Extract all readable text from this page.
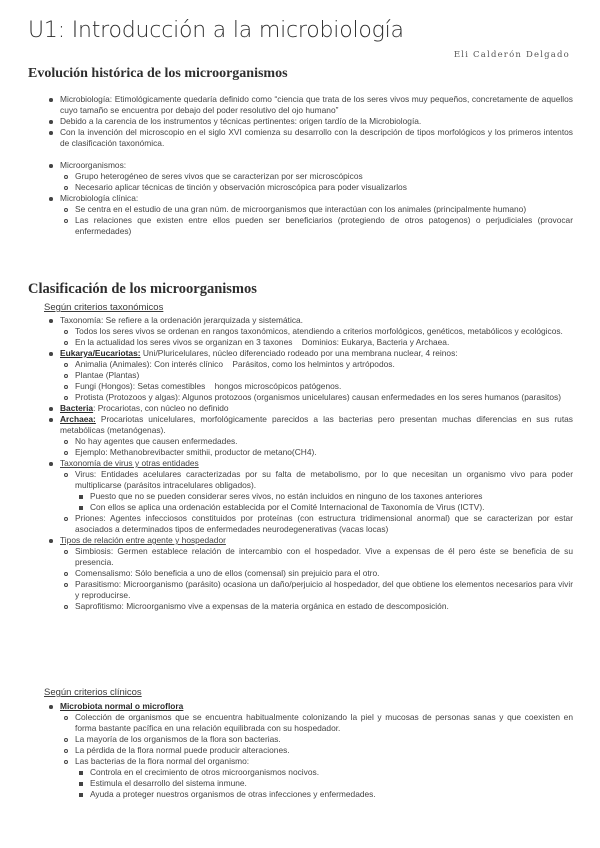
U1: Introducción a la microbiología

Eli Calderón Delgado

Evolución histórica de los microorganismos
Microbiología: Etimológicamente quedaría definido como “ciencia que trata de los seres vivos muy pequeños, concretamente de aquellos cuyo tamaño se encuentra por debajo del poder resolutivo del ojo humano”
Debido a la carencia de los instrumentos y técnicas pertinentes: origen tardío de la Microbiología.
Con la invención del microscopio en el siglo XVI comienza su desarrollo con la descripción de tipos morfológicos y los primeros intentos de clasificación taxonómica.
Microorganismos:
Grupo heterogéneo de seres vivos que se caracterizan por ser microscópicos
Necesario aplicar técnicas de tinción y observación microscópica para poder visualizarlos
Microbiología clínica:
Se centra en el estudio de una gran núm. de microorganismos que interactúan con los animales (principalmente humano)
Las relaciones que existen entre ellos pueden ser beneficiarios (protegiendo de otros patogenos) o perjudiciales (provocar enfermedades)
Clasificación de los microorganismos

Según criterios taxonómicos

Taxonomía: Se refiere a la ordenación jerarquizada y sistemática.
Todos los seres vivos se ordenan en rangos taxonómicos, atendiendo a criterios morfológicos, genéticos, metabólicos y ecológicos.
En la actualidad los seres vivos se organizan en 3 taxones    Dominios: Eukarya, Bacteria y Archaea.
Eukarya/Eucariotas: Uni/Pluricelulares, núcleo diferenciado rodeado por una membrana nuclear, 4 reinos:
Animalia (Animales): Con interés clínico    Parásitos, como los helmintos y artrópodos.
Plantae (Plantas)
Fungi (Hongos): Setas comestibles    hongos microscópicos patógenos.
Protista (Protozoos y algas): Algunos protozoos (organismos unicelulares) causan enfermedades en los seres humanos (parasitos)
Bacteria: Procariotas, con núcleo no definido
Archaea: Procariotas unicelulares, morfológicamente parecidos a las bacterias pero presentan muchas diferencias en sus rutas metabólicas (metanógenas).
No hay agentes que causen enfermedades.
Ejemplo: Methanobrevibacter smithii, productor de metano(CH4).
Taxonomía de virus y otras entidades
Virus: Entidades acelulares caracterizadas por su falta de metabolismo, por lo que necesitan un organismo vivo para poder multiplicarse (parásitos intracelulares obligados).
Puesto que no se pueden considerar seres vivos, no están incluidos en ninguno de los taxones anteriores
Con ellos se aplica una ordenación establecida por el Comité Internacional de Taxonomía de Virus (ICTV).
Priones: Agentes infecciosos constituidos por proteínas (con estructura tridimensional anormal) que se caracterizan por estar asociados a determinados tipos de enfermedades neurodegenerativas (vacas locas)
Tipos de relación entre agente y hospedador
Simbiosis: Germen establece relación de intercambio con el hospedador. Vive a expensas de él pero éste se beneficia de su presencia.
Comensalismo: Sólo beneficia a uno de ellos (comensal) sin prejuicio para el otro.
Parasitismo: Microorganismo (parásito) ocasiona un daño/perjuicio al hospedador, del que obtiene los elementos necesarios para vivir y reproducirse.
Saprofitismo: Microorganismo vive a expensas de la materia orgánica en estado de descomposición.

Según criterios clínicos

Microbiota normal o microflora
Colección de organismos que se encuentra habitualmente colonizando la piel y mucosas de personas sanas y que coexisten en forma bastante pacífica en una relación equilibrada con su hospedador.
La mayoría de los organismos de la flora son bacterias.
La pérdida de la flora normal puede producir alteraciones.
Las bacterias de la flora normal del organismo:
Controla en el crecimiento de otros microorganismos nocivos.
Estimula el desarrollo del sistema inmune.
Ayuda a proteger nuestros organismos de otras infecciones y enfermedades.
